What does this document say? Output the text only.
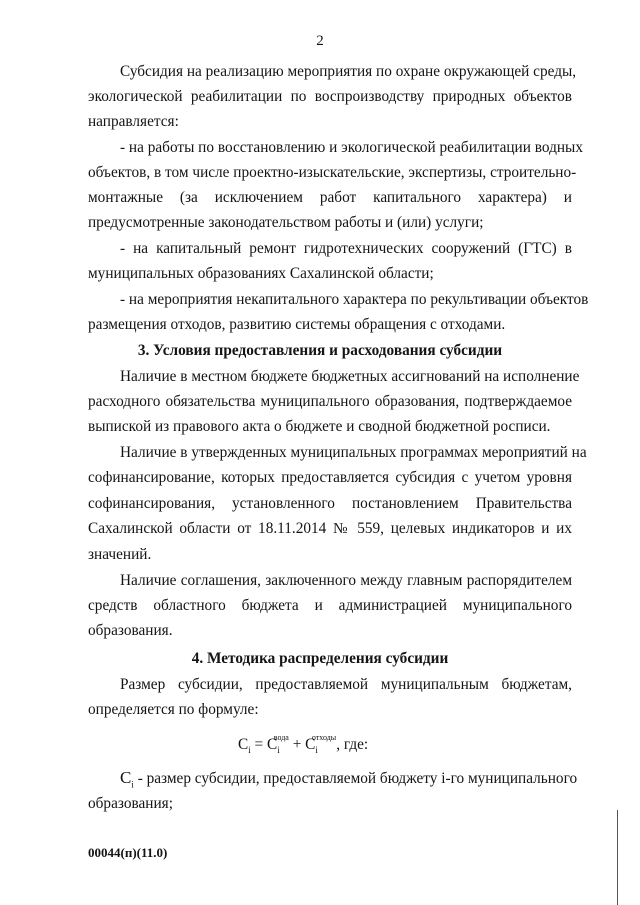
2
Субсидия на реализацию мероприятия по охране окружающей среды,
экологической реабилитации по воспроизводству природных объектов
направляется:
- на работы по восстановлению и экологической реабилитации водных
объектов, в том числе проектно-изыскательские, экспертизы, строительно-
монтажные (за исключением работ капитального характера) и
предусмотренные законодательством работы и (или) услуги;
- на капитальный ремонт гидротехнических сооружений (ГТС) в
муниципальных образованиях Сахалинской области;
- на мероприятия некапитального характера по рекультивации объектов
размещения отходов, развитию системы обращения с отходами.
3. Условия предоставления и расходования субсидии
Наличие в местном бюджете бюджетных ассигнований на исполнение
расходного обязательства муниципального образования, подтверждаемое
выпиской из правового акта о бюджете и сводной бюджетной росписи.
Наличие в утвержденных муниципальных программах мероприятий на
софинансирование, которых предоставляется субсидия с учетом уровня
софинансирования, установленного постановлением Правительства
Сахалинской области от 18.11.2014 № 559, целевых индикаторов и их
значений.
Наличие соглашения, заключенного между главным распорядителем
средств областного бюджета и администрацией муниципального
образования.
4. Методика распределения субсидии
Размер субсидии, предоставляемой муниципальным бюджетам,
определяется по формуле:
$C_i = C_i^{вода} + C_i^{отходы}$, где:
$C_i$ - размер субсидии, предоставляемой бюджету i-го муниципального
образования;
00044(п)(11.0)
